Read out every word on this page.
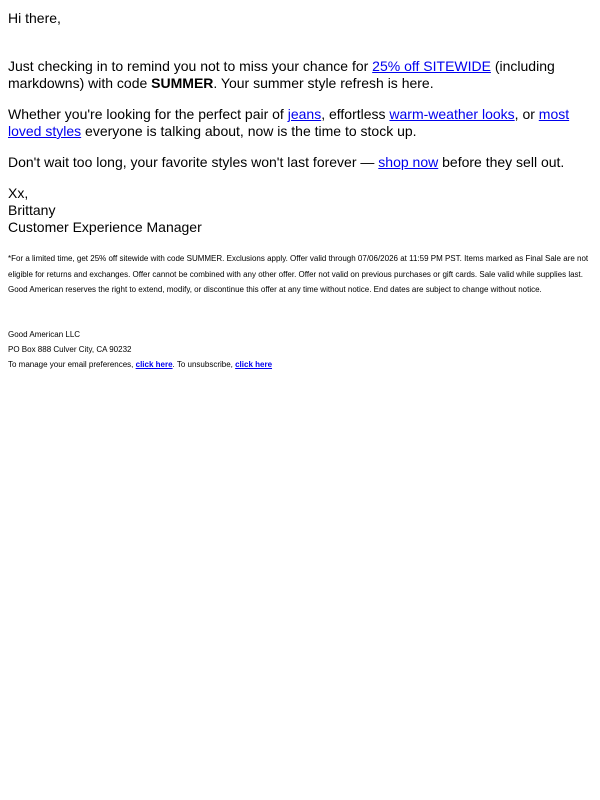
Hi there,

Just checking in to remind you not to miss your chance for 25% off SITEWIDE (including markdowns) with code SUMMER. Your summer style refresh is here.

Whether you're looking for the perfect pair of jeans, effortless warm-weather looks, or most loved styles everyone is talking about, now is the time to stock up.

Don't wait too long, your favorite styles won't last forever — shop now before they sell out.

Xx,
Brittany
Customer Experience Manager

*For a limited time, get 25% off sitewide with code SUMMER. Exclusions apply. Offer valid through 07/06/2026 at 11:59 PM PST. Items marked as Final Sale are not eligible for returns and exchanges. Offer cannot be combined with any other offer. Offer not valid on previous purchases or gift cards. Sale valid while supplies last. Good American reserves the right to extend, modify, or discontinue this offer at any time without notice. End dates are subject to change without notice.

Good American LLC

PO Box 888 Culver City, CA 90232

To manage your email preferences, click here. To unsubscribe, click here
